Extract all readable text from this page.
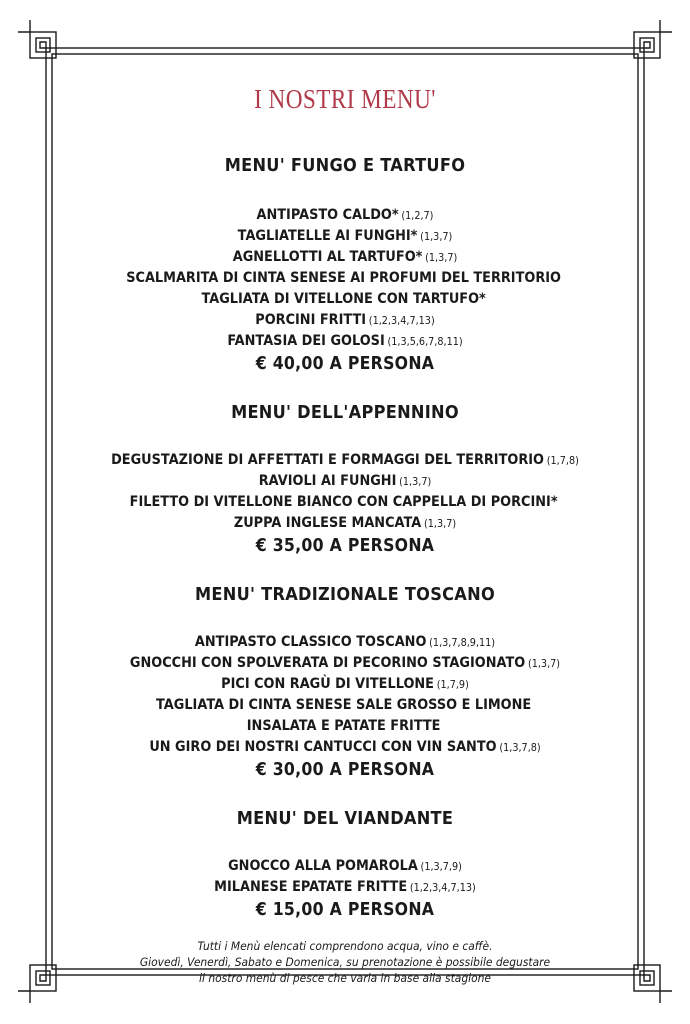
I NOSTRI MENU'
MENU' FUNGO E TARTUFO
ANTIPASTO CALDO* (1,2,7)
TAGLIATELLE AI FUNGHI* (1,3,7)
AGNELLOTTI AL TARTUFO* (1,3,7)
SCALMARITA DI CINTA SENESE AI PROFUMI DEL TERRITORIO
TAGLIATA DI VITELLONE CON TARTUFO*
PORCINI FRITTI (1,2,3,4,7,13)
FANTASIA DEI GOLOSI (1,3,5,6,7,8,11)
€ 40,00 A PERSONA
MENU' DELL'APPENNINO
DEGUSTAZIONE DI AFFETTATI E FORMAGGI DEL TERRITORIO (1,7,8)
RAVIOLI AI FUNGHI (1,3,7)
FILETTO DI VITELLONE BIANCO CON CAPPELLA DI PORCINI*
ZUPPA INGLESE MANCATA (1,3,7)
€ 35,00 A PERSONA
MENU' TRADIZIONALE TOSCANO
ANTIPASTO CLASSICO TOSCANO (1,3,7,8,9,11)
GNOCCHI CON SPOLVERATA DI PECORINO STAGIONATO (1,3,7)
PICI CON RAGÙ DI VITELLONE (1,7,9)
TAGLIATA DI CINTA SENESE SALE GROSSO E LIMONE
INSALATA E PATATE FRITTE
UN GIRO DEI NOSTRI CANTUCCI CON VIN SANTO (1,3,7,8)
€ 30,00 A PERSONA
MENU' DEL VIANDANTE
GNOCCO ALLA POMAROLA (1,3,7,9)
MILANESE EPATATE FRITTE (1,2,3,4,7,13)
€ 15,00 A PERSONA
Tutti i Menù elencati comprendono acqua, vino e caffè.
Giovedì, Venerdì, Sabato e Domenica, su prenotazione è possibile degustare
il nostro menù di pesce che varia in base alla stagione
